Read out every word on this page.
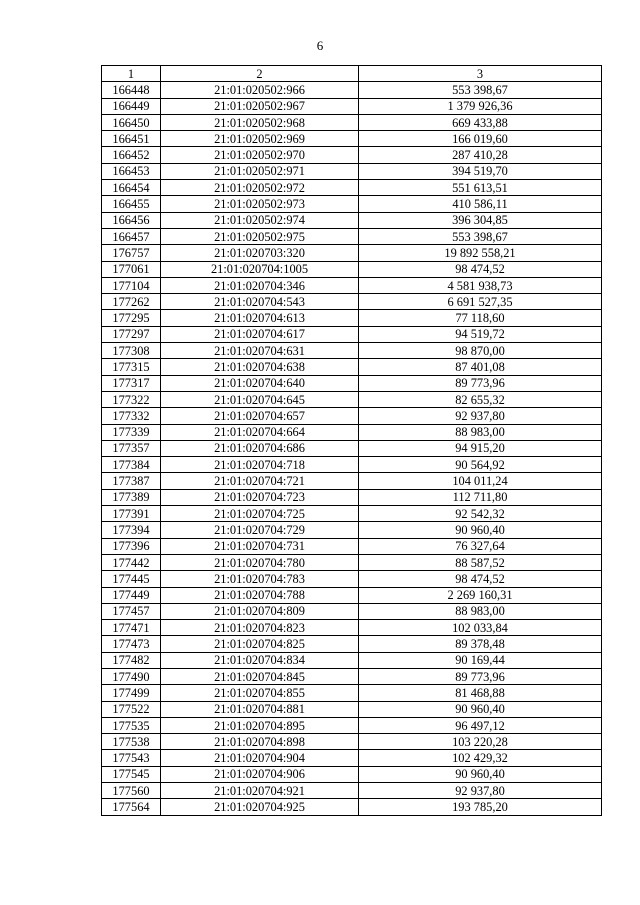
6
1	2	3
166448	21:01:020502:966	553 398,67
166449	21:01:020502:967	1 379 926,36
166450	21:01:020502:968	669 433,88
166451	21:01:020502:969	166 019,60
166452	21:01:020502:970	287 410,28
166453	21:01:020502:971	394 519,70
166454	21:01:020502:972	551 613,51
166455	21:01:020502:973	410 586,11
166456	21:01:020502:974	396 304,85
166457	21:01:020502:975	553 398,67
176757	21:01:020703:320	19 892 558,21
177061	21:01:020704:1005	98 474,52
177104	21:01:020704:346	4 581 938,73
177262	21:01:020704:543	6 691 527,35
177295	21:01:020704:613	77 118,60
177297	21:01:020704:617	94 519,72
177308	21:01:020704:631	98 870,00
177315	21:01:020704:638	87 401,08
177317	21:01:020704:640	89 773,96
177322	21:01:020704:645	82 655,32
177332	21:01:020704:657	92 937,80
177339	21:01:020704:664	88 983,00
177357	21:01:020704:686	94 915,20
177384	21:01:020704:718	90 564,92
177387	21:01:020704:721	104 011,24
177389	21:01:020704:723	112 711,80
177391	21:01:020704:725	92 542,32
177394	21:01:020704:729	90 960,40
177396	21:01:020704:731	76 327,64
177442	21:01:020704:780	88 587,52
177445	21:01:020704:783	98 474,52
177449	21:01:020704:788	2 269 160,31
177457	21:01:020704:809	88 983,00
177471	21:01:020704:823	102 033,84
177473	21:01:020704:825	89 378,48
177482	21:01:020704:834	90 169,44
177490	21:01:020704:845	89 773,96
177499	21:01:020704:855	81 468,88
177522	21:01:020704:881	90 960,40
177535	21:01:020704:895	96 497,12
177538	21:01:020704:898	103 220,28
177543	21:01:020704:904	102 429,32
177545	21:01:020704:906	90 960,40
177560	21:01:020704:921	92 937,80
177564	21:01:020704:925	193 785,20
